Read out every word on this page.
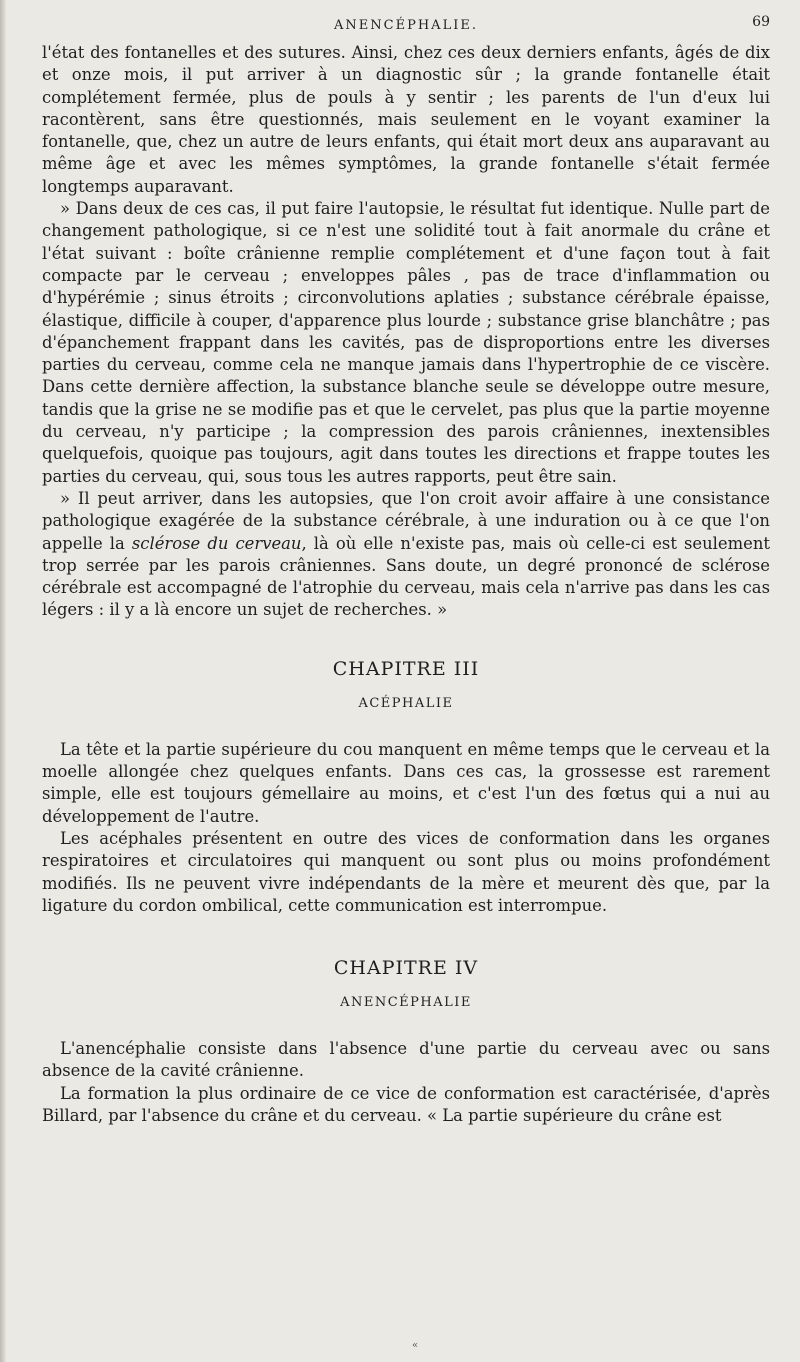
ANENCÉPHALIE.	69

l'état des fontanelles et des sutures. Ainsi, chez ces deux derniers enfants, âgés de dix et onze mois, il put arriver à un diagnostic sûr ; la grande fontanelle était complétement fermée, plus de pouls à y sentir ; les parents de l'un d'eux lui racontèrent, sans être questionnés, mais seulement en le voyant examiner la fontanelle, que, chez un autre de leurs enfants, qui était mort deux ans auparavant au même âge et avec les mêmes symptômes, la grande fontanelle s'était fermée longtemps auparavant.

» Dans deux de ces cas, il put faire l'autopsie, le résultat fut identique. Nulle part de changement pathologique, si ce n'est une solidité tout à fait anormale du crâne et l'état suivant : boîte crânienne remplie complétement et d'une façon tout à fait compacte par le cerveau ; enveloppes pâles , pas de trace d'inflammation ou d'hypérémie ; sinus étroits ; circonvolutions aplaties ; substance cérébrale épaisse, élastique, difficile à couper, d'apparence plus lourde ; substance grise blanchâtre ; pas d'épanchement frappant dans les cavités, pas de disproportions entre les diverses parties du cerveau, comme cela ne manque jamais dans l'hypertrophie de ce viscère. Dans cette dernière affection, la substance blanche seule se développe outre mesure, tandis que la grise ne se modifie pas et que le cervelet, pas plus que la partie moyenne du cerveau, n'y participe ; la compression des parois crâniennes, inextensibles quelquefois, quoique pas toujours, agit dans toutes les directions et frappe toutes les parties du cerveau, qui, sous tous les autres rapports, peut être sain.

» Il peut arriver, dans les autopsies, que l'on croit avoir affaire à une consistance pathologique exagérée de la substance cérébrale, à une induration ou à ce que l'on appelle la sclérose du cerveau, là où elle n'existe pas, mais où celle-ci est seulement trop serrée par les parois crâniennes. Sans doute, un degré prononcé de sclérose cérébrale est accompagné de l'atrophie du cerveau, mais cela n'arrive pas dans les cas légers : il y a là encore un sujet de recherches. »

CHAPITRE III
ACÉPHALIE

La tête et la partie supérieure du cou manquent en même temps que le cerveau et la moelle allongée chez quelques enfants. Dans ces cas, la grossesse est rarement simple, elle est toujours gémellaire au moins, et c'est l'un des fœtus qui a nui au développement de l'autre.

Les acéphales présentent en outre des vices de conformation dans les organes respiratoires et circulatoires qui manquent ou sont plus ou moins profondément modifiés. Ils ne peuvent vivre indépendants de la mère et meurent dès que, par la ligature du cordon ombilical, cette communication est interrompue.

CHAPITRE IV
ANENCÉPHALIE

L'anencéphalie consiste dans l'absence d'une partie du cerveau avec ou sans absence de la cavité crânienne.

La formation la plus ordinaire de ce vice de conformation est caractérisée, d'après Billard, par l'absence du crâne et du cerveau. « La partie supérieure du crâne est

«
